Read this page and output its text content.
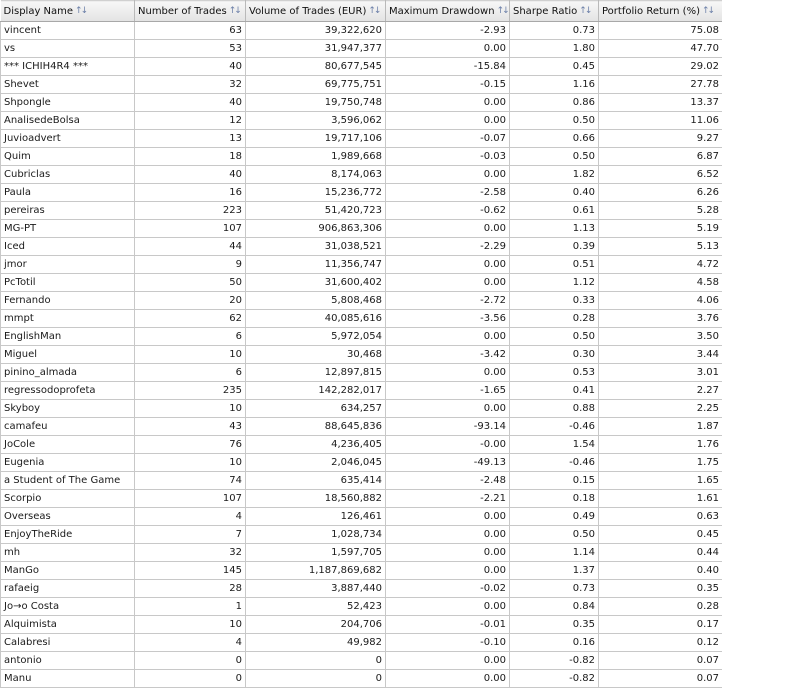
Display Name ↑↓	Number of Trades ↑↓	Volume of Trades (EUR) ↑↓	Maximum Drawdown ↑↓	Sharpe Ratio ↑↓	Portfolio Return (%) ↑↓
vincent	63	39,322,620	-2.93	0.73	75.08
vs	53	31,947,377	0.00	1.80	47.70
*** ICHIH4R4 ***	40	80,677,545	-15.84	0.45	29.02
Shevet	32	69,775,751	-0.15	1.16	27.78
Shpongle	40	19,750,748	0.00	0.86	13.37
AnalisedeBolsa	12	3,596,062	0.00	0.50	11.06
Juvioadvert	13	19,717,106	-0.07	0.66	9.27
Quim	18	1,989,668	-0.03	0.50	6.87
Cubriclas	40	8,174,063	0.00	1.82	6.52
Paula	16	15,236,772	-2.58	0.40	6.26
pereiras	223	51,420,723	-0.62	0.61	5.28
MG-PT	107	906,863,306	0.00	1.13	5.19
Iced	44	31,038,521	-2.29	0.39	5.13
jmor	9	11,356,747	0.00	0.51	4.72
PcTotil	50	31,600,402	0.00	1.12	4.58
Fernando	20	5,808,468	-2.72	0.33	4.06
mmpt	62	40,085,616	-3.56	0.28	3.76
EnglishMan	6	5,972,054	0.00	0.50	3.50
Miguel	10	30,468	-3.42	0.30	3.44
pinino_almada	6	12,897,815	0.00	0.53	3.01
regressodoprofeta	235	142,282,017	-1.65	0.41	2.27
Skyboy	10	634,257	0.00	0.88	2.25
camafeu	43	88,645,836	-93.14	-0.46	1.87
JoCole	76	4,236,405	-0.00	1.54	1.76
Eugenia	10	2,046,045	-49.13	-0.46	1.75
a Student of The Game	74	635,414	-2.48	0.15	1.65
Scorpio	107	18,560,882	-2.21	0.18	1.61
Overseas	4	126,461	0.00	0.49	0.63
EnjoyTheRide	7	1,028,734	0.00	0.50	0.45
mh	32	1,597,705	0.00	1.14	0.44
ManGo	145	1,187,869,682	0.00	1.37	0.40
rafaeig	28	3,887,440	-0.02	0.73	0.35
Jo→o Costa	1	52,423	0.00	0.84	0.28
Alquimista	10	204,706	-0.01	0.35	0.17
Calabresi	4	49,982	-0.10	0.16	0.12
antonio	0	0	0.00	-0.82	0.07
Manu	0	0	0.00	-0.82	0.07
